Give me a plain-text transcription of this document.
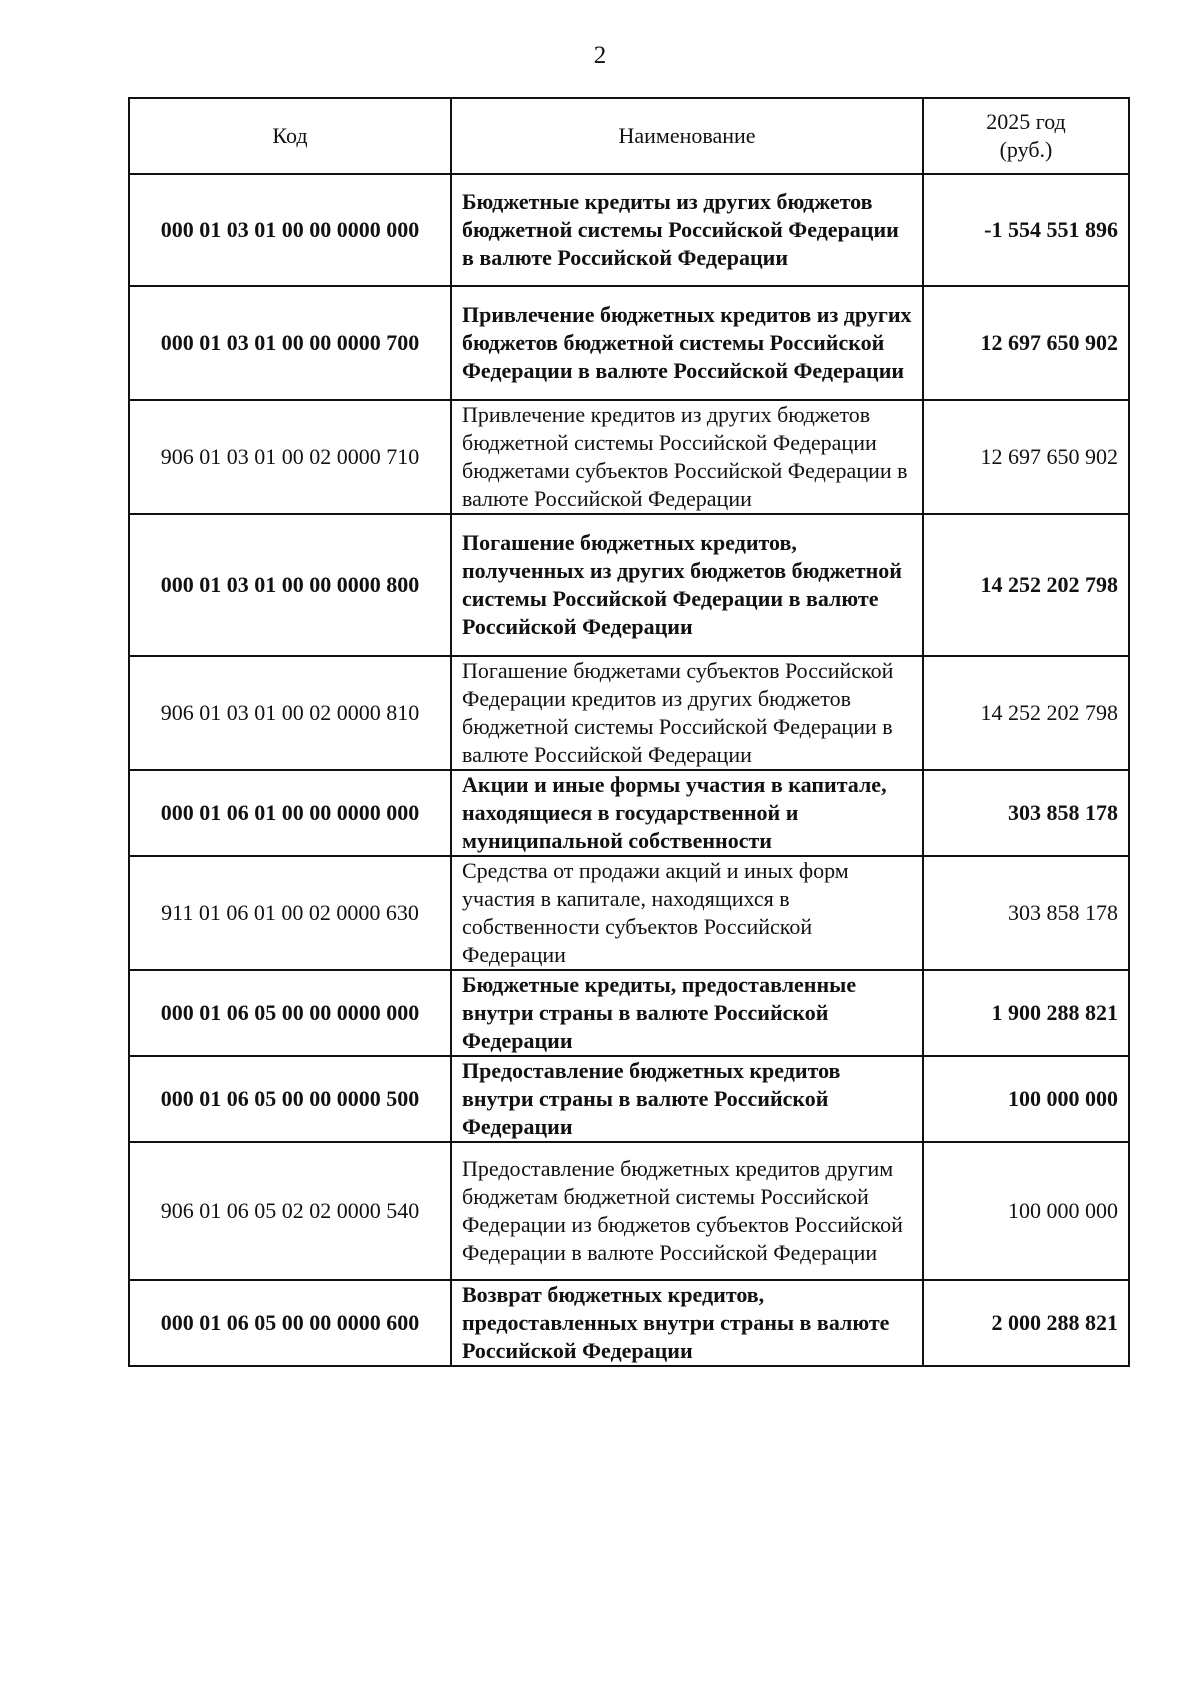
2
Код	Наименование	2025 год
(руб.)

000 01 03 01 00 00 0000 000	Бюджетные кредиты из других бюджетов бюджетной системы Российской Федерации в валюте Российской Федерации	-1 554 551 896
000 01 03 01 00 00 0000 700	Привлечение бюджетных кредитов из других бюджетов бюджетной системы Российской Федерации в валюте Российской Федерации	12 697 650 902
906 01 03 01 00 02 0000 710	Привлечение кредитов из других бюджетов бюджетной системы Российской Федерации бюджетами субъектов Российской Федерации в валюте Российской Федерации	12 697 650 902
000 01 03 01 00 00 0000 800	Погашение бюджетных кредитов, полученных из других бюджетов бюджетной системы Российской Федерации в валюте Российской Федерации	14 252 202 798
906 01 03 01 00 02 0000 810	Погашение бюджетами субъектов Российской Федерации кредитов из других бюджетов бюджетной системы Российской Федерации в валюте Российской Федерации	14 252 202 798
000 01 06 01 00 00 0000 000	Акции и иные формы участия в капитале, находящиеся в государственной и муниципальной собственности	303 858 178
911 01 06 01 00 02 0000 630	Средства от продажи акций и иных форм участия в капитале, находящихся в собственности субъектов Российской Федерации	303 858 178
000 01 06 05 00 00 0000 000	Бюджетные кредиты, предоставленные внутри страны в валюте Российской Федерации	1 900 288 821
000 01 06 05 00 00 0000 500	Предоставление бюджетных кредитов внутри страны в валюте Российской Федерации	100 000 000
906 01 06 05 02 02 0000 540	Предоставление бюджетных кредитов другим бюджетам бюджетной системы Российской Федерации из бюджетов субъектов Российской Федерации в валюте Российской Федерации	100 000 000
000 01 06 05 00 00 0000 600	Возврат бюджетных кредитов, предоставленных внутри страны в валюте Российской Федерации	2 000 288 821
